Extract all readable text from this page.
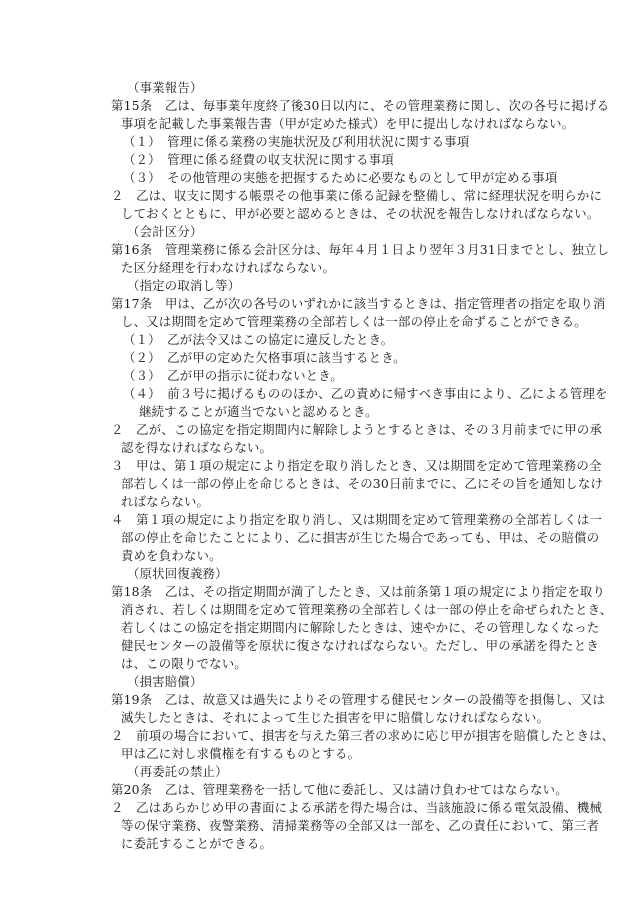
（事業報告）
第15条　乙は、毎事業年度終了後30日以内に、その管理業務に関し、次の各号に掲げる
事項を記載した事業報告書（甲が定めた様式）を甲に提出しなければならない。
（１）　管理に係る業務の実施状況及び利用状況に関する事項
（２）　管理に係る経費の収支状況に関する事項
（３）　その他管理の実態を把握するために必要なものとして甲が定める事項
２　乙は、収支に関する帳票その他事業に係る記録を整備し、常に経理状況を明らかに
しておくとともに、甲が必要と認めるときは、その状況を報告しなければならない。
（会計区分）
第16条　管理業務に係る会計区分は、毎年４月１日より翌年３月31日までとし、独立し
た区分経理を行わなければならない。
（指定の取消し等）
第17条　甲は、乙が次の各号のいずれかに該当するときは、指定管理者の指定を取り消
し、又は期間を定めて管理業務の全部若しくは一部の停止を命ずることができる。
（１）　乙が法令又はこの協定に違反したとき。
（２）　乙が甲の定めた欠格事項に該当するとき。
（３）　乙が甲の指示に従わないとき。
（４）　前３号に掲げるもののほか、乙の責めに帰すべき事由により、乙による管理を
継続することが適当でないと認めるとき。
２　乙が、この協定を指定期間内に解除しようとするときは、その３月前までに甲の承
認を得なければならない。
３　甲は、第１項の規定により指定を取り消したとき、又は期間を定めて管理業務の全
部若しくは一部の停止を命じるときは、その30日前までに、乙にその旨を通知しなけ
ればならない。
４　第１項の規定により指定を取り消し、又は期間を定めて管理業務の全部若しくは一
部の停止を命じたことにより、乙に損害が生じた場合であっても、甲は、その賠償の
責めを負わない。
（原状回復義務）
第18条　乙は、その指定期間が満了したとき、又は前条第１項の規定により指定を取り
消され、若しくは期間を定めて管理業務の全部若しくは一部の停止を命ぜられたとき、
若しくはこの協定を指定期間内に解除したときは、速やかに、その管理しなくなった
健民センターの設備等を原状に復さなければならない。ただし、甲の承諾を得たとき
は、この限りでない。
（損害賠償）
第19条　乙は、故意又は過失によりその管理する健民センターの設備等を損傷し、又は
滅失したときは、それによって生じた損害を甲に賠償しなければならない。
２　前項の場合において、損害を与えた第三者の求めに応じ甲が損害を賠償したときは、
甲は乙に対し求償権を有するものとする。
（再委託の禁止）
第20条　乙は、管理業務を一括して他に委託し、又は請け負わせてはならない。
２　乙はあらかじめ甲の書面による承諾を得た場合は、当該施設に係る電気設備、機械
等の保守業務、夜警業務、清掃業務等の全部又は一部を、乙の責任において、第三者
に委託することができる。
